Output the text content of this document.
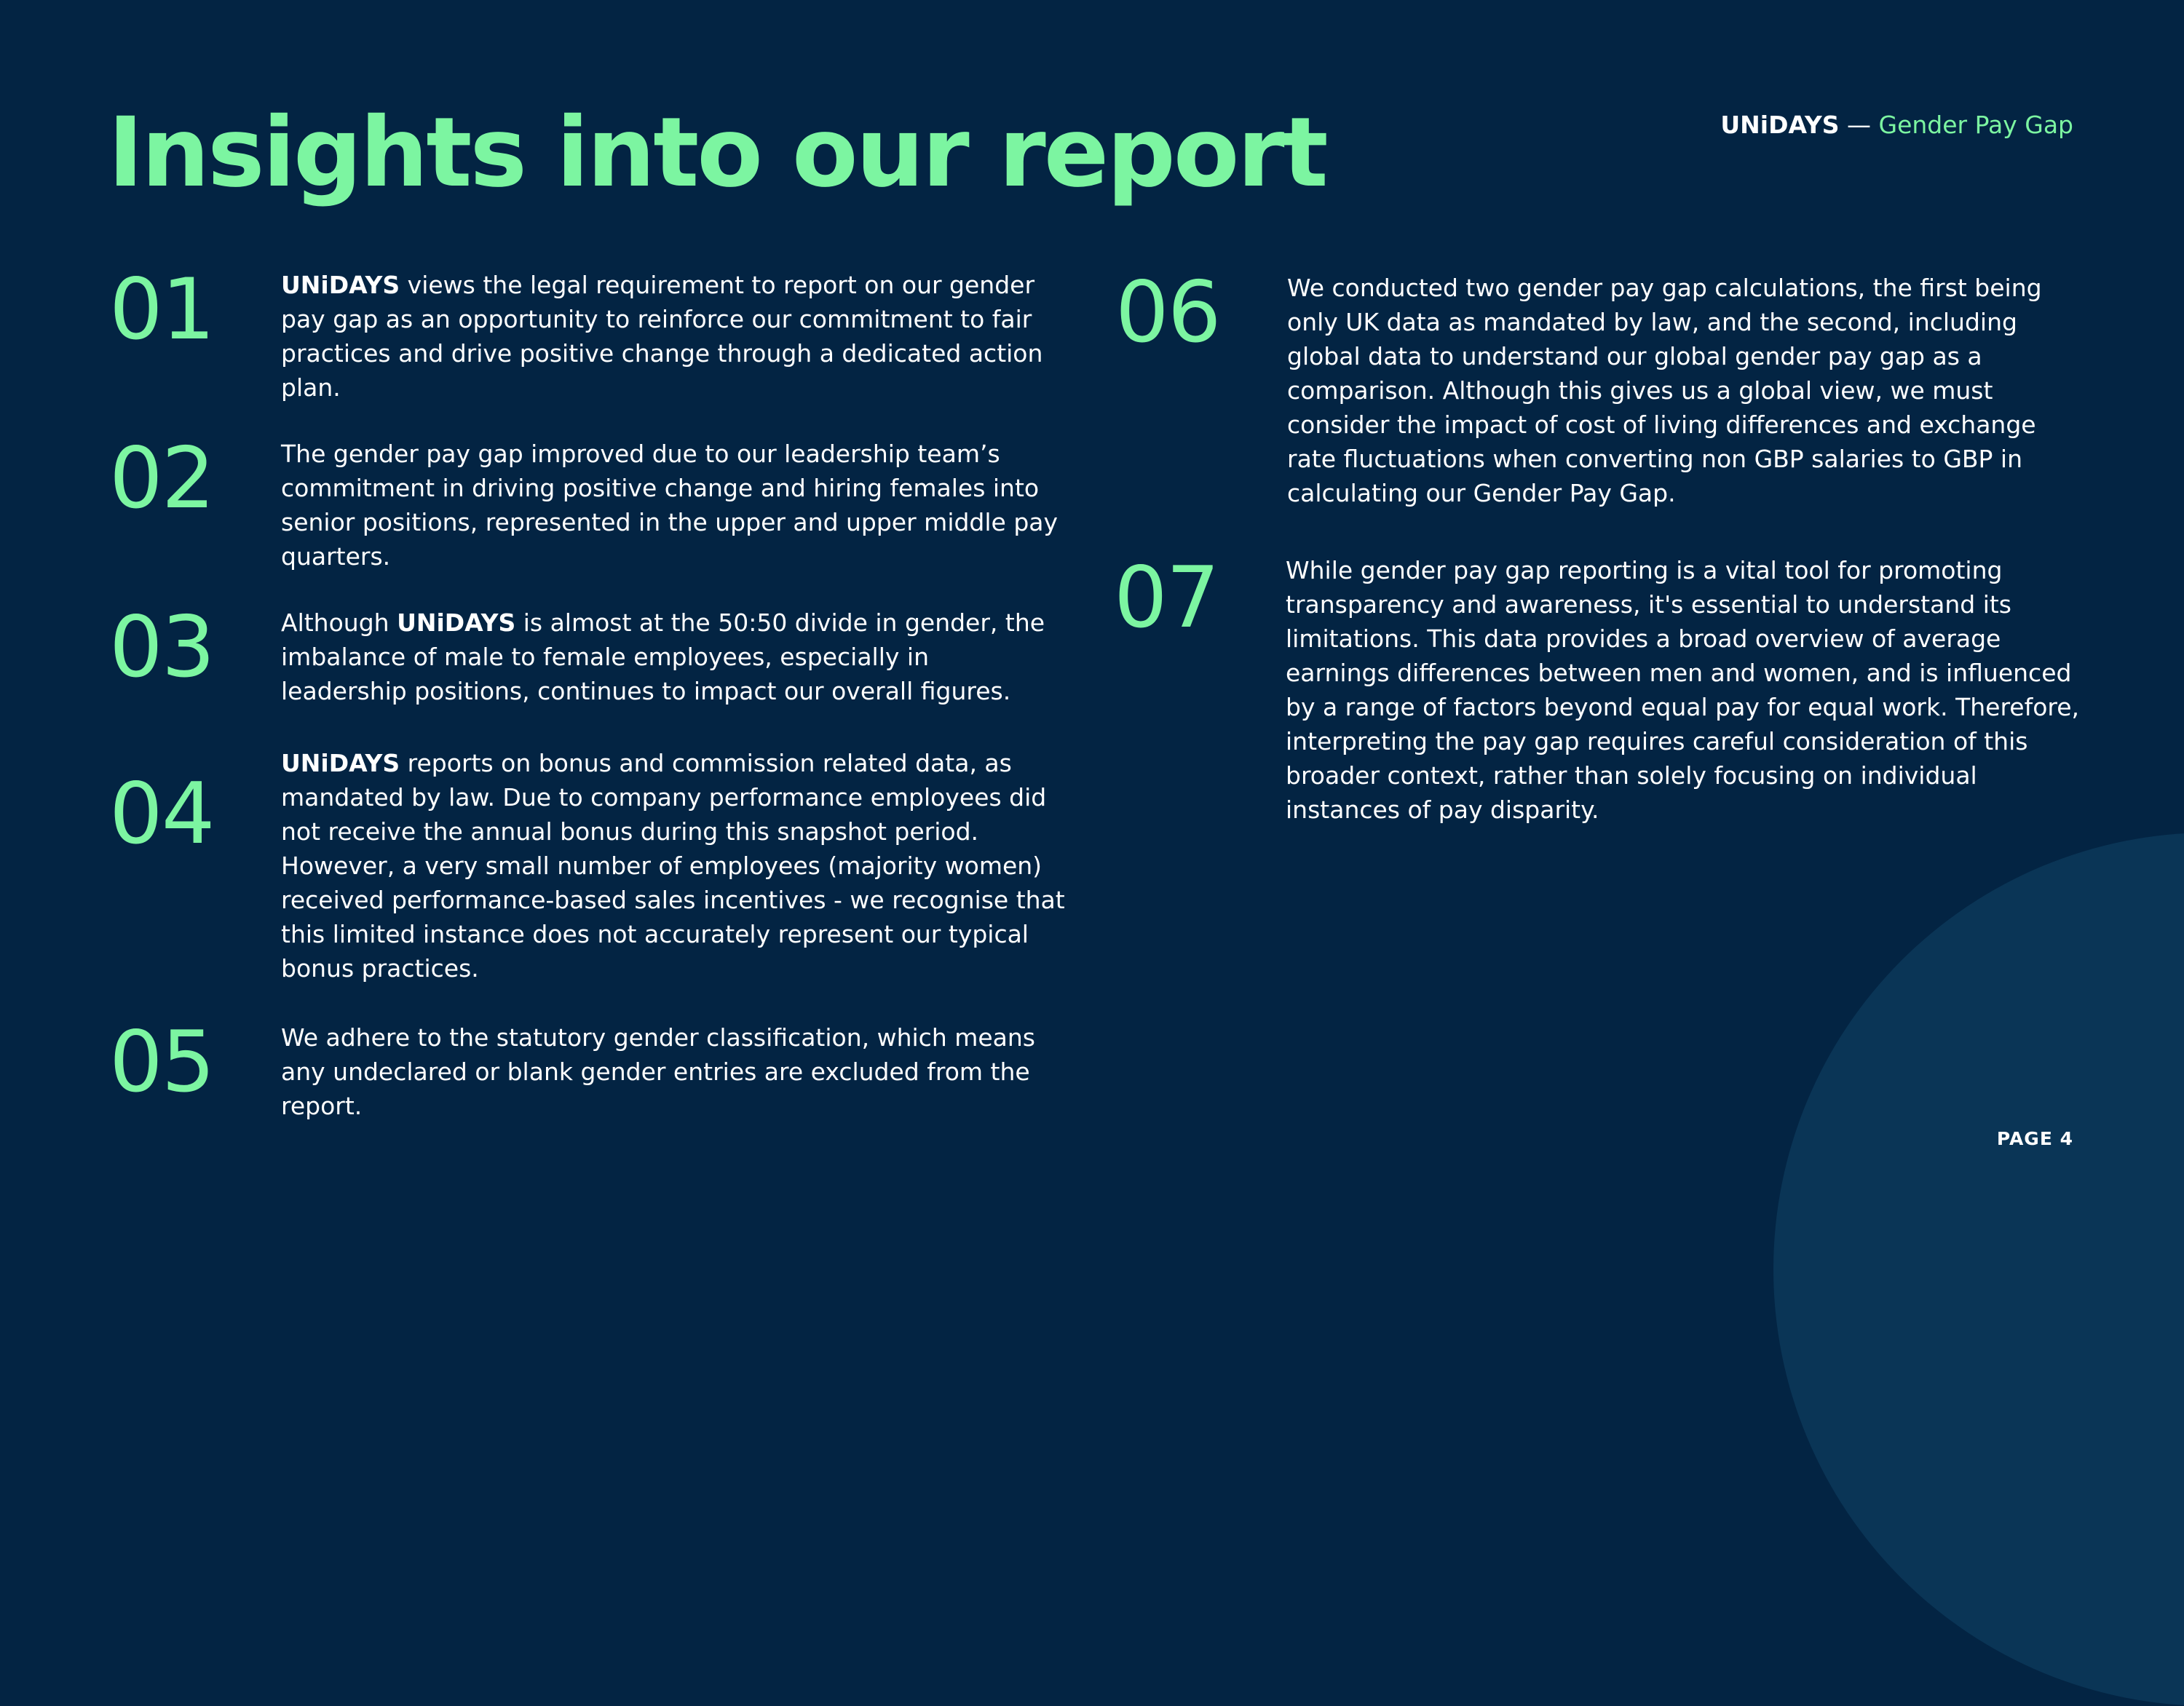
Insights into our report	UNiDAYS — Gender Pay Gap
01	UNiDAYS views the legal requirement to report on our gender pay gap as an opportunity to reinforce our commitment to fair practices and drive positive change through a dedicated action plan.

02	The gender pay gap improved due to our leadership team’s commitment in driving positive change and hiring females into senior positions, represented in the upper and upper middle pay quarters.

03	Although UNiDAYS is almost at the 50:50 divide in gender, the imbalance of male to female employees, especially in leadership positions, continues to impact our overall figures.

04

UNiDAYS reports on bonus and commission related data, as mandated by law. Due to company performance employees did not receive the annual bonus during this snapshot period. However, a very small number of employees (majority women) received performance-based sales incentives - we recognise that this limited instance does not accurately represent our typical bonus practices.

05	We adhere to the statutory gender classification, which means any undeclared or blank gender entries are excluded from the report.

06	We conducted two gender pay gap calculations, the first being only UK data as mandated by law, and the second, including global data to understand our global gender pay gap as a comparison. Although this gives us a global view, we must consider the impact of cost of living differences and exchange rate fluctuations when converting non GBP salaries to GBP in calculating our Gender Pay Gap.

07	While gender pay gap reporting is a vital tool for promoting transparency and awareness, it's essential to understand its limitations. This data provides a broad overview of average earnings differences between men and women, and is influenced by a range of factors beyond equal pay for equal work. Therefore, interpreting the pay gap requires careful consideration of this broader context, rather than solely focusing on individual instances of pay disparity.

PAGE 4
